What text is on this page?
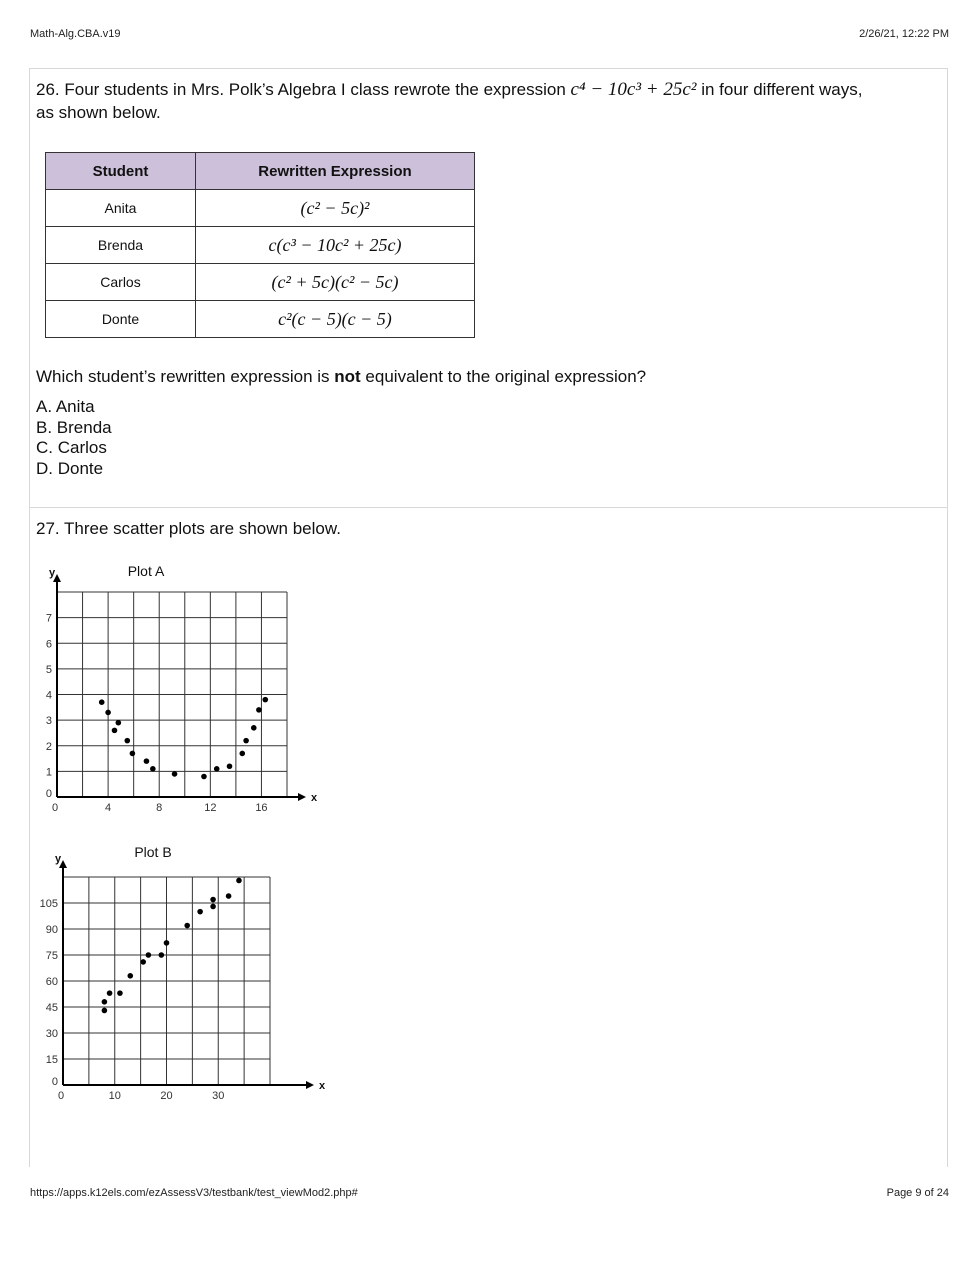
Math-Alg.CBA.v19	2/26/21, 12:22 PM
26. Four students in Mrs. Polk’s Algebra I class rewrote the expression c⁴ − 10c³ + 25c² in four different ways,
as shown below.
Student	Rewritten Expression
Anita	(c² − 5c)²
Brenda	c(c³ − 10c² + 25c)
Carlos	(c² + 5c)(c² − 5c)
Donte	c²(c − 5)(c − 5)
Which student’s rewritten expression is not equivalent to the original expression?
A. Anita
B. Brenda
C. Carlos
D. Donte
27. Three scatter plots are shown below.
Plot A
x
y
0	4	8	12	16
0
1
2
3
4
5
6
7
Plot B
x
y
0	10	20	30
0
15
30
45
60
75
90
105
https://apps.k12els.com/ezAssessV3/testbank/test_viewMod2.php#	Page 9 of 24
